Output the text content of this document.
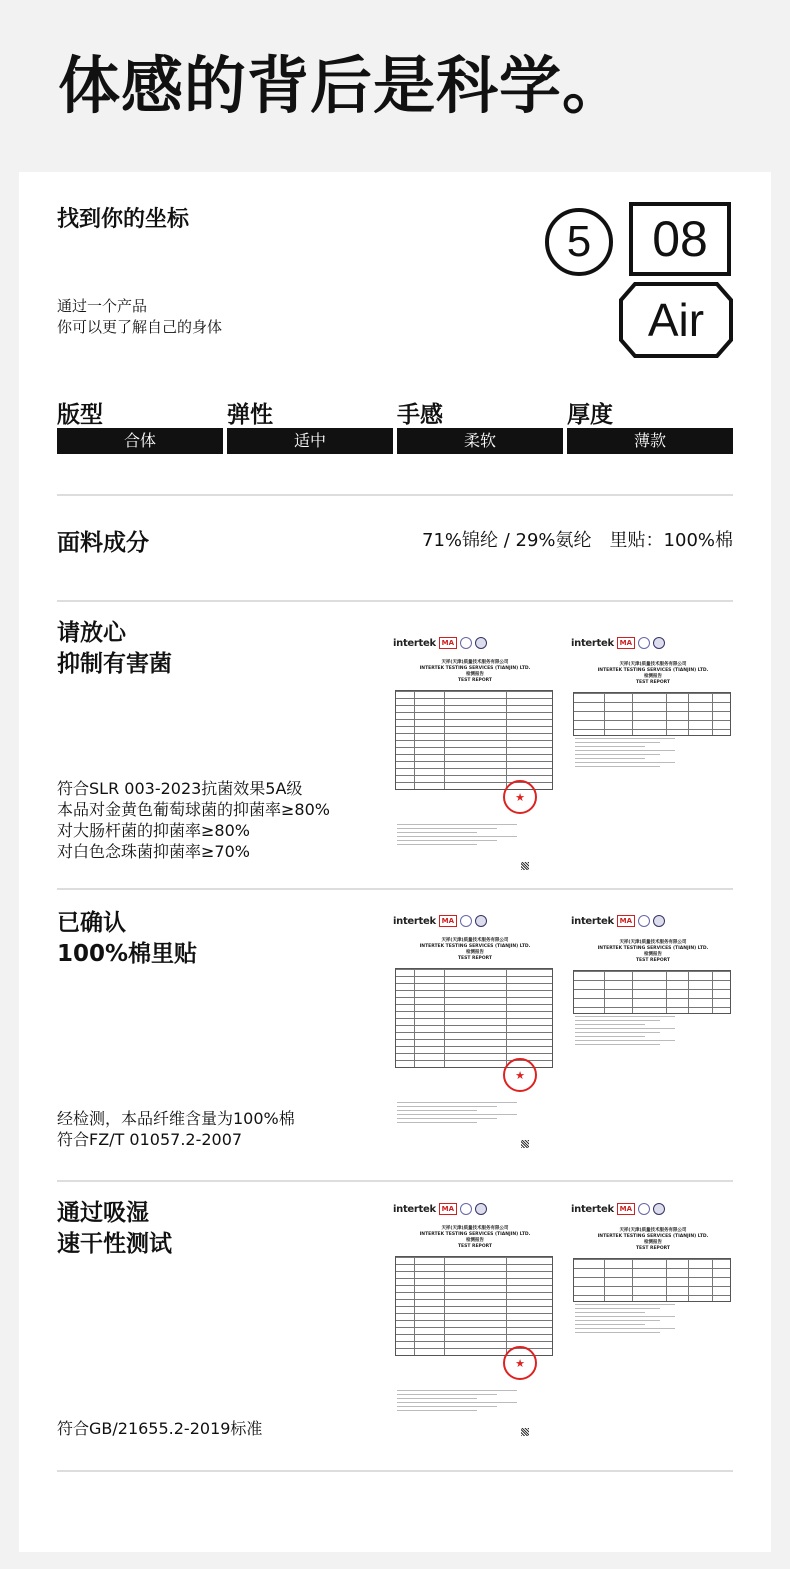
体感的背后是科学。
找到你的坐标
通过一个产品
你可以更了解自己的身体
5	08
Air
版型
合体
弹性
适中
手感
柔软
厚度
薄款
面料成分	71%锦纶 / 29%氨纶　里贴：100%棉
请放心
抑制有害菌
符合SLR 003-2023抗菌效果5A级
本品对金黄色葡萄球菌的抑菌率≥80%
对大肠杆菌的抑菌率≥80%
对白色念珠菌抑菌率≥70%
intertek MA
天祥(天津)质量技术服务有限公司
INTERTEK TESTING SERVICES (TIANJIN) LTD.
检测报告
TEST REPORT
★
intertek MA
天祥(天津)质量技术服务有限公司
INTERTEK TESTING SERVICES (TIANJIN) LTD.
检测报告
TEST REPORT
已确认
100%棉里贴
经检测，本品纤维含量为100%棉
符合FZ/T 01057.2-2007
intertek MA
天祥(天津)质量技术服务有限公司
INTERTEK TESTING SERVICES (TIANJIN) LTD.
检测报告
TEST REPORT
★
intertek MA
天祥(天津)质量技术服务有限公司
INTERTEK TESTING SERVICES (TIANJIN) LTD.
检测报告
TEST REPORT
通过吸湿
速干性测试
符合GB/21655.2-2019标准
intertek MA
天祥(天津)质量技术服务有限公司
INTERTEK TESTING SERVICES (TIANJIN) LTD.
检测报告
TEST REPORT
★
intertek MA
天祥(天津)质量技术服务有限公司
INTERTEK TESTING SERVICES (TIANJIN) LTD.
检测报告
TEST REPORT
